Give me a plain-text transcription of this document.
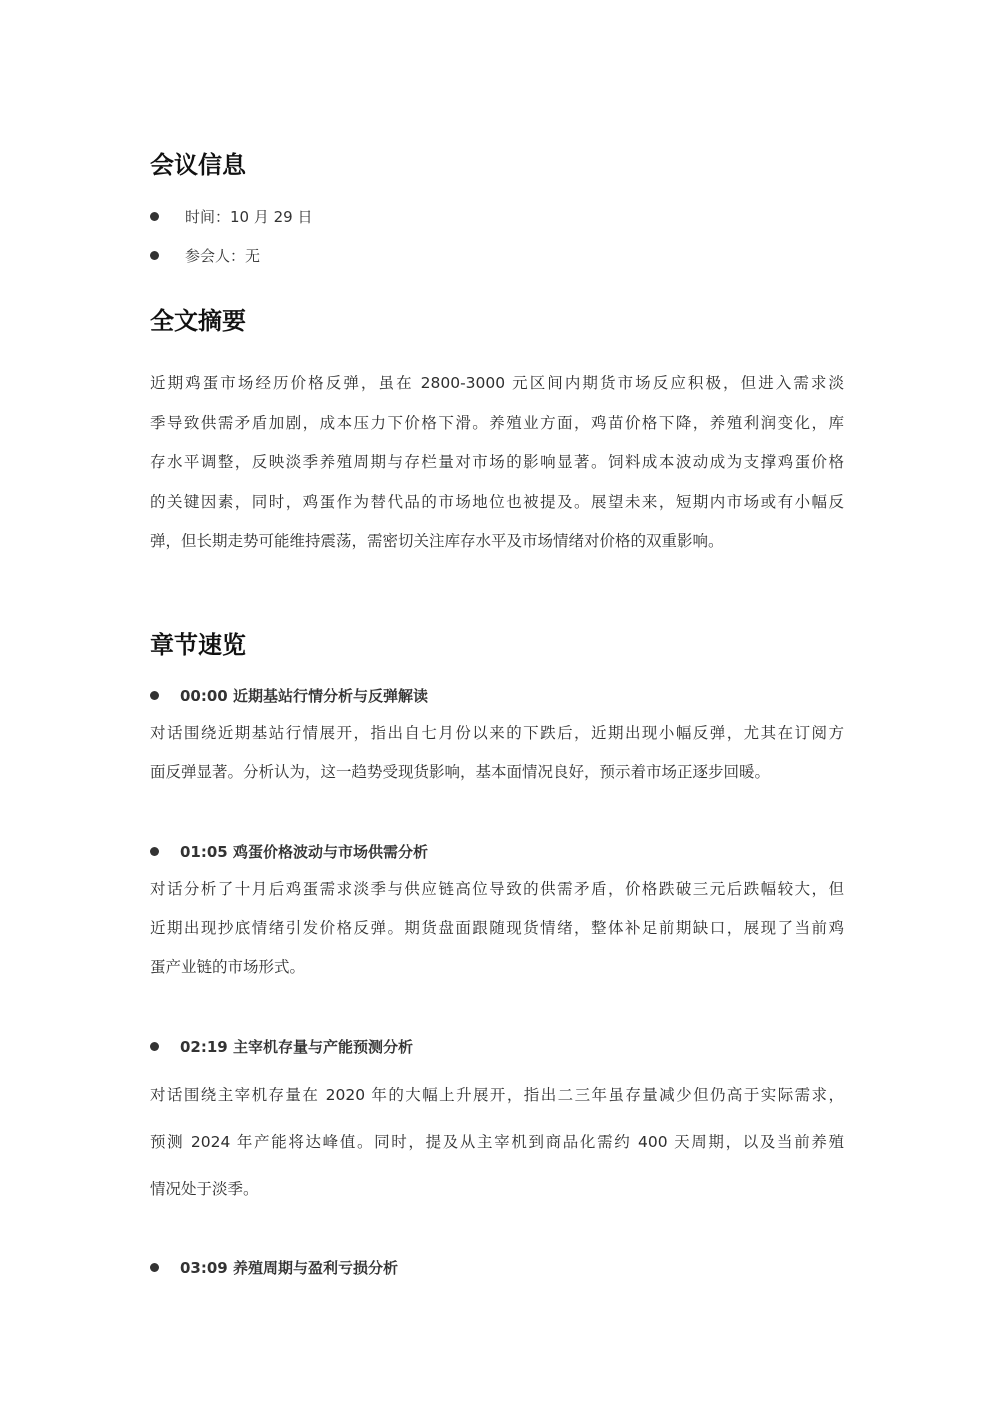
会议信息
时间：10 月 29 日
参会人：无
全文摘要
近期鸡蛋市场经历价格反弹，虽在 2800-3000 元区间内期货市场反应积极，但进入需求淡
季导致供需矛盾加剧，成本压力下价格下滑。养殖业方面，鸡苗价格下降，养殖利润变化，库
存水平调整，反映淡季养殖周期与存栏量对市场的影响显著。饲料成本波动成为支撑鸡蛋价格
的关键因素，同时，鸡蛋作为替代品的市场地位也被提及。展望未来，短期内市场或有小幅反
弹，但长期走势可能维持震荡，需密切关注库存水平及市场情绪对价格的双重影响。
章节速览
00:00 近期基站行情分析与反弹解读
对话围绕近期基站行情展开，指出自七月份以来的下跌后，近期出现小幅反弹，尤其在订阅方
面反弹显著。分析认为，这一趋势受现货影响，基本面情况良好，预示着市场正逐步回暖。
01:05 鸡蛋价格波动与市场供需分析
对话分析了十月后鸡蛋需求淡季与供应链高位导致的供需矛盾，价格跌破三元后跌幅较大，但
近期出现抄底情绪引发价格反弹。期货盘面跟随现货情绪，整体补足前期缺口，展现了当前鸡
蛋产业链的市场形式。
02:19 主宰机存量与产能预测分析
对话围绕主宰机存量在 2020 年的大幅上升展开，指出二三年虽存量减少但仍高于实际需求，
预测 2024 年产能将达峰值。同时，提及从主宰机到商品化需约 400 天周期，以及当前养殖
情况处于淡季。
03:09 养殖周期与盈利亏损分析
